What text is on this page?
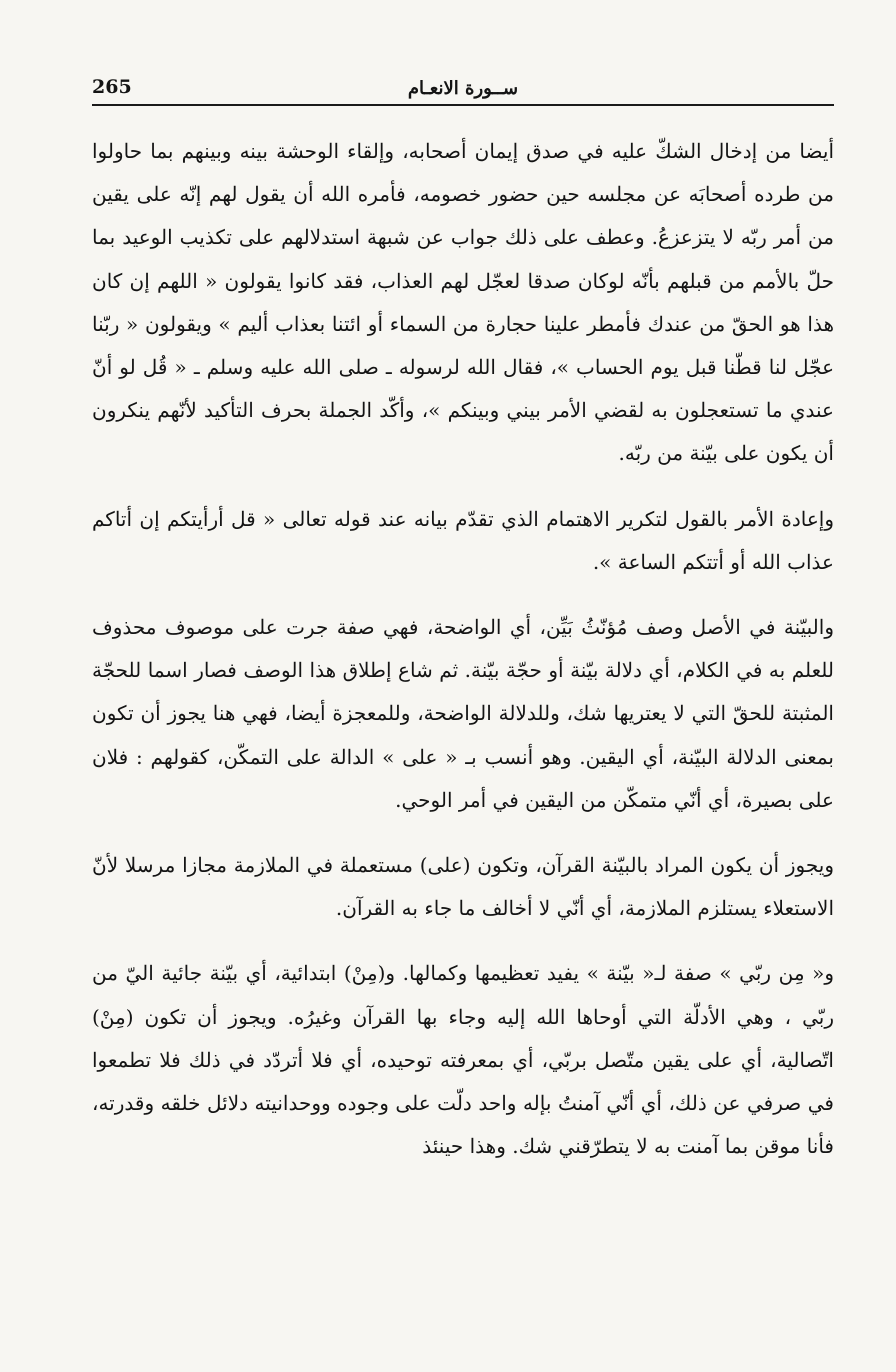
265	ســورة الانعـام

أيضا من إدخال الشكّ عليه في صدق إيمان أصحابه، وإلقاء الوحشة بينه وبينهم بما حاولوا من طرده أصحابَه عن مجلسه حين حضور خصومه، فأمره الله أن يقول لهم إنّه على يقين من أمر ربّه لا يتزعزعُ. وعطف على ذلك جواب عن شبهة استدلالهم على تكذيب الوعيد بما حلّ بالأمم من قبلهم بأنّه لوكان صدقا لعجّل لهم العذاب، فقد كانوا يقولون « اللهم إن كان هذا هو الحقّ من عندك فأمطر علينا حجارة من السماء أو ائتنا بعذاب أليم » ويقولون « ربّنا عجّل لنا قطّنا قبل يوم الحساب »، فقال الله لرسوله ـ صلى الله عليه وسلم ـ « قُل لو أنّ عندي ما تستعجلون به لقضي الأمر بيني وبينكم »، وأكّد الجملة بحرف التأكيد لأنّهم ينكرون أن يكون على بيّنة من ربّه.

وإعادة الأمر بالقول لتكرير الاهتمام الذي تقدّم بيانه عند قوله تعالى « قل أرأيتكم إن أتاكم عذاب الله أو أتتكم الساعة ».

والبيّنة في الأصل وصف مُؤنّثُ بَيِّن، أي الواضحة، فهي صفة جرت على موصوف محذوف للعلم به في الكلام، أي دلالة بيّنة أو حجّة بيّنة. ثم شاع إطلاق هذا الوصف فصار اسما للحجّة المثبتة للحقّ التي لا يعتريها شك، وللدلالة الواضحة، وللمعجزة أيضا، فهي هنا يجوز أن تكون بمعنى الدلالة البيّنة، أي اليقين. وهو أنسب بـ « على » الدالة على التمكّن، كقولهم : فلان على بصيرة، أي أنّي متمكّن من اليقين في أمر الوحي.

ويجوز أن يكون المراد بالبيّنة القرآن، وتكون (على) مستعملة في الملازمة مجازا مرسلا لأنّ الاستعلاء يستلزم الملازمة، أي أنّي لا أخالف ما جاء به القرآن.

و« مِن ربّي » صفة لـ« بيّنة » يفيد تعظيمها وكمالها. و(مِنْ) ابتدائية، أي بيّنة جائية اليّ من ربّي ، وهي الأدلّة التي أوحاها الله إليه وجاء بها القرآن وغيرُه. ويجوز أن تكون (مِنْ) اتّصالية، أي على يقين متّصل بربّي، أي بمعرفته توحيده، أي فلا أتردّد في ذلك فلا تطمعوا في صرفي عن ذلك، أي أنّي آمنتُ بإله واحد دلّت على وجوده ووحدانيته دلائل خلقه وقدرته، فأنا موقن بما آمنت به لا يتطرّقني شك. وهذا حينئذ
